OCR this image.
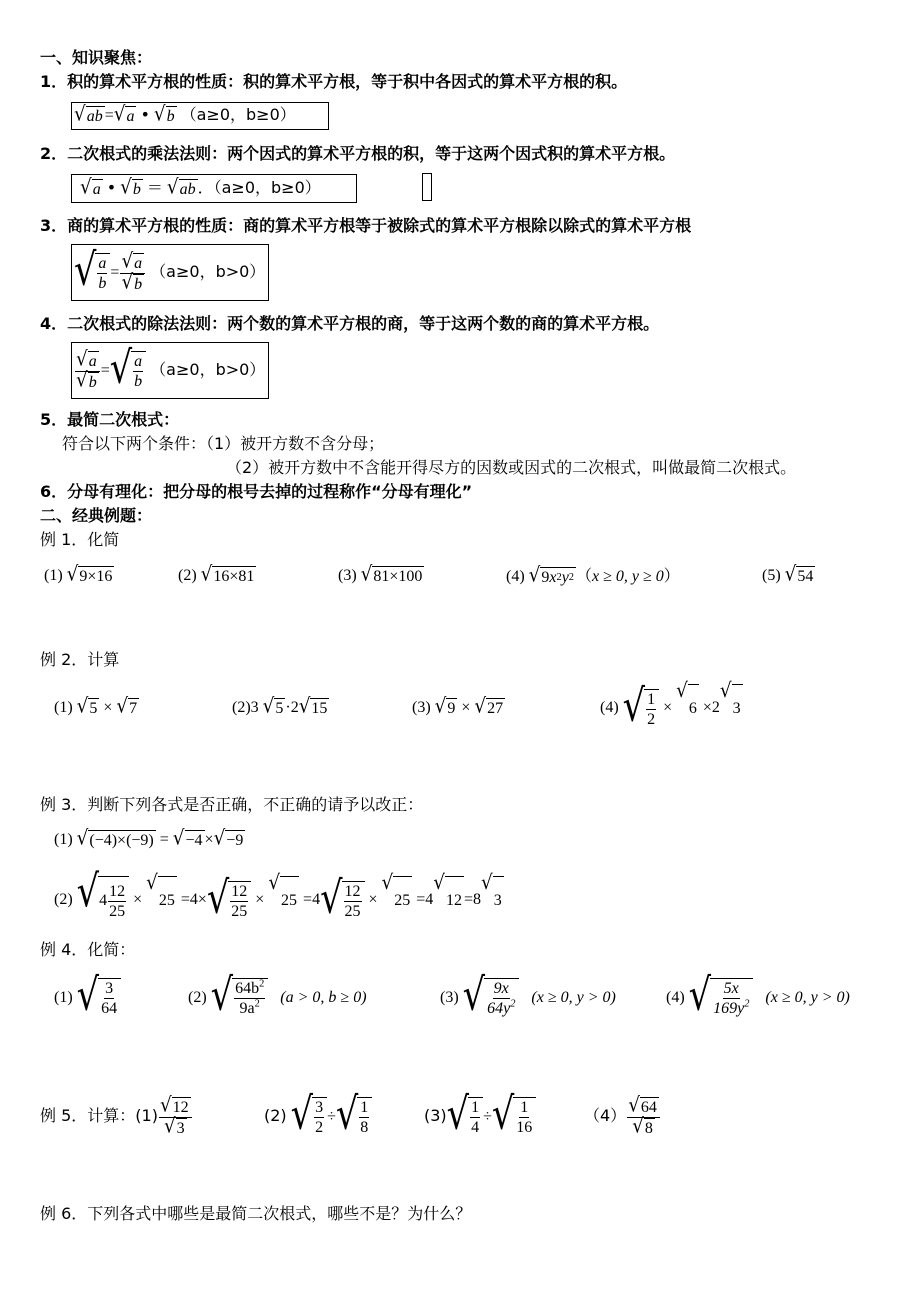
一、知识聚焦：
1．积的算术平方根的性质：积的算术平方根，等于积中各因式的算术平方根的积。
√ ab = √ a • √ b （a≥0，b≥0）
2．二次根式的乘法法则：两个因式的算术平方根的积，等于这两个因式积的算术平方根。
√ a • √ b ＝ √ ab ．（a≥0，b≥0）
3．商的算术平方根的性质：商的算术平方根等于被除式的算术平方根除以除式的算术平方根
√ a
b
= $\frac{√ a}{√ b} (a\ge 0$，b>0）
4．二次根式的除法法则：两个数的算术平方根的商，等于这两个数的商的算术平方根。
$\frac{√ a}{√ b}$ = √ a
b
（a≥0，b>0）
5．最简二次根式：
符合以下两个条件：（1）被开方数不含分母；
（2）被开方数中不含能开得尽方的因数或因式的二次根式，叫做最简二次根式。
6．分母有理化：把分母的根号去掉的过程称作“分母有理化”
二、经典例题：
例 1．化简
(1) √ 9×16	(2) √ 16×81	(3) √ 81×100	(4) √ 9 x 2 y 2 （x ≥ 0, y ≥ 0）	(5) √ 54
例 2．计算
(1) √ 5 × √ 7	(2)3 √ 5 ·2 √ 15	(3) √ 9 × √ 27	(4) √ 1
2
×
√
6 ×2
√
3
例 3．判断下列各式是否正确，不正确的请予以改正：
(1) √ (−4)×(−9) = √ −4 × √ −9
(2) √ 4
12
25
×
√
25 =4× √ 12
25
×
√
25 =4 √ 12
25
×
√
25 =4
√
12 =8
√
3
例 4．化简：
(1) √ 3
64
(2) √ $64b^2$
$9a^2$ (a > 0, b ≥ 0)	(3) √ 9x
$64y^2$ (x ≥ 0, y > 0)	(4) √ 5x
$169y^2$ (x ≥ 0, y > 0)
例 5．计算：$(1) \frac{√ 12}{√ 3}$	(2) √ 3
2
÷ √ 1
8
(3) √ 1
4
÷ √ 1
16
$(4) \frac{√ 64}{√ 8}$
例 6．下列各式中哪些是最简二次根式，哪些不是？为什么？
